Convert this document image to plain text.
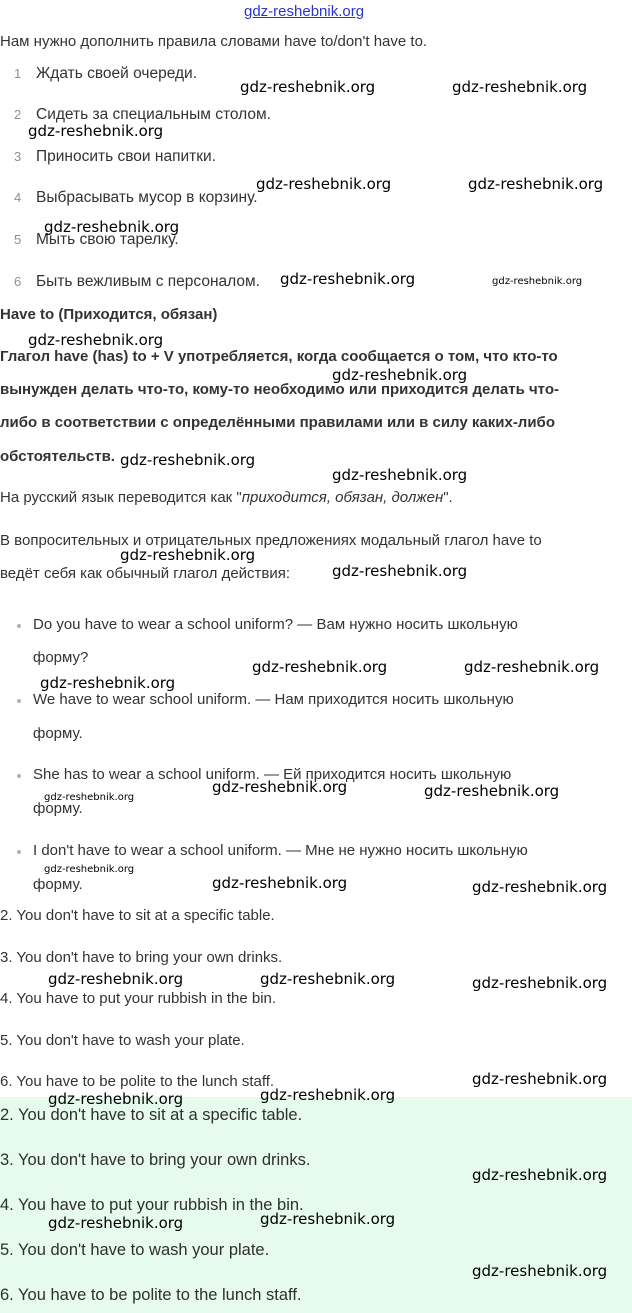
gdz-reshebnik.org
Нам нужно дополнить правила словами have to/don't have to.
1 Ждать своей очереди.
2 Сидеть за специальным столом.
3 Приносить свои напитки.
4 Выбрасывать мусор в корзину.
5 Мыть свою тарелку.
6 Быть вежливым с персоналом.
Have to (Приходится, обязан)
Глагол have (has) to + V употребляется, когда сообщается о том, что кто-то
вынужден делать что-то, кому-то необходимо или приходится делать что-
либо в соответствии с определёнными правилами или в силу каких-либо
обстоятельств.
На русский язык переводится как "приходится, обязан, должен".
В вопросительных и отрицательных предложениях модальный глагол have to
ведёт себя как обычный глагол действия:
Do you have to wear a school uniform? — Вам нужно носить школьную
форму?
We have to wear school uniform. — Нам приходится носить школьную
форму.
She has to wear a school uniform. — Ей приходится носить школьную
форму.
I don't have to wear a school uniform. — Мне не нужно носить школьную
форму.
2. You don't have to sit at a specific table.
3. You don't have to bring your own drinks.
4. You have to put your rubbish in the bin.
5. You don't have to wash your plate.
6. You have to be polite to the lunch staff.
2. You don't have to sit at a specific table.
3. You don't have to bring your own drinks.
4. You have to put your rubbish in the bin.
5. You don't have to wash your plate.
6. You have to be polite to the lunch staff.
gdz-reshebnik.org	gdz-reshebnik.org
gdz-reshebnik.org
gdz-reshebnik.org	gdz-reshebnik.org
gdz-reshebnik.org
gdz-reshebnik.org	gdz-reshebnik.org
gdz-reshebnik.org
gdz-reshebnik.org
gdz-reshebnik.org
gdz-reshebnik.org
gdz-reshebnik.org
gdz-reshebnik.org
gdz-reshebnik.org	gdz-reshebnik.org
gdz-reshebnik.org
gdz-reshebnik.org	gdz-reshebnik.org
gdz-reshebnik.org
gdz-reshebnik.org
gdz-reshebnik.org	gdz-reshebnik.org
gdz-reshebnik.org	gdz-reshebnik.org	gdz-reshebnik.org
gdz-reshebnik.org
gdz-reshebnik.org
gdz-reshebnik.org
gdz-reshebnik.org
gdz-reshebnik.org
gdz-reshebnik.org
gdz-reshebnik.org
